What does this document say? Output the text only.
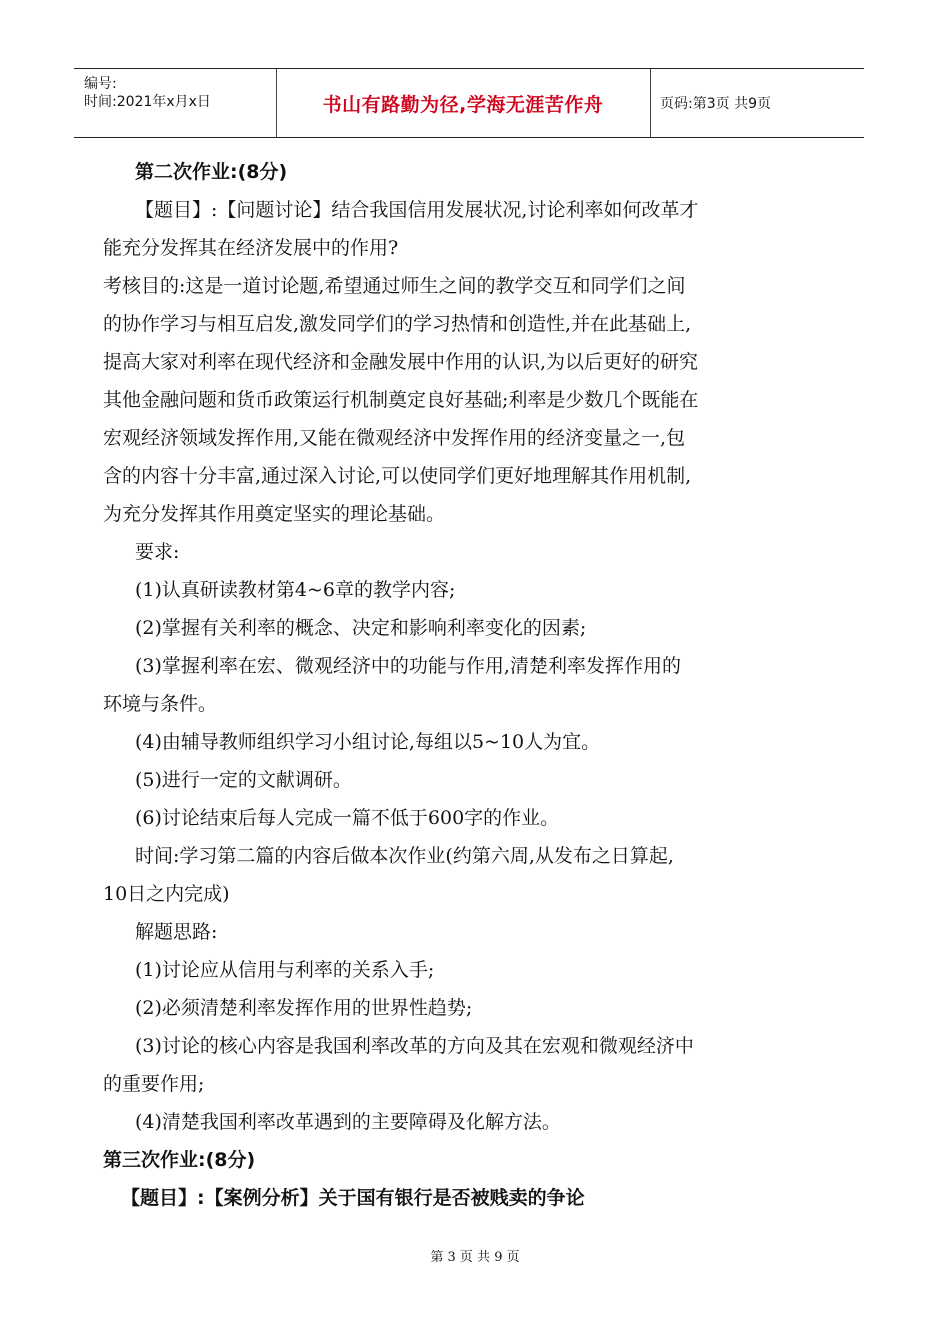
编号:
时间:2021年x月x日	书山有路勤为径,学海无涯苦作舟	页码:第3页 共9页
第二次作业:(8分)
【题目】:【问题讨论】结合我国信用发展状况,讨论利率如何改革才
能充分发挥其在经济发展中的作用?
考核目的:这是一道讨论题,希望通过师生之间的教学交互和同学们之间
的协作学习与相互启发,激发同学们的学习热情和创造性,并在此基础上,
提高大家对利率在现代经济和金融发展中作用的认识,为以后更好的研究
其他金融问题和货币政策运行机制奠定良好基础;利率是少数几个既能在
宏观经济领域发挥作用,又能在微观经济中发挥作用的经济变量之一,包
含的内容十分丰富,通过深入讨论,可以使同学们更好地理解其作用机制,
为充分发挥其作用奠定坚实的理论基础。
要求:
(1)认真研读教材第4~6章的教学内容;
(2)掌握有关利率的概念、决定和影响利率变化的因素;
(3)掌握利率在宏、微观经济中的功能与作用,清楚利率发挥作用的
环境与条件。
(4)由辅导教师组织学习小组讨论,每组以5~10人为宜。
(5)进行一定的文献调研。
(6)讨论结束后每人完成一篇不低于600字的作业。
时间:学习第二篇的内容后做本次作业(约第六周,从发布之日算起,
10日之内完成)
解题思路:
(1)讨论应从信用与利率的关系入手;
(2)必须清楚利率发挥作用的世界性趋势;
(3)讨论的核心内容是我国利率改革的方向及其在宏观和微观经济中
的重要作用;
(4)清楚我国利率改革遇到的主要障碍及化解方法。
第三次作业:(8分)
【题目】:【案例分析】关于国有银行是否被贱卖的争论
第 3 页 共 9 页
